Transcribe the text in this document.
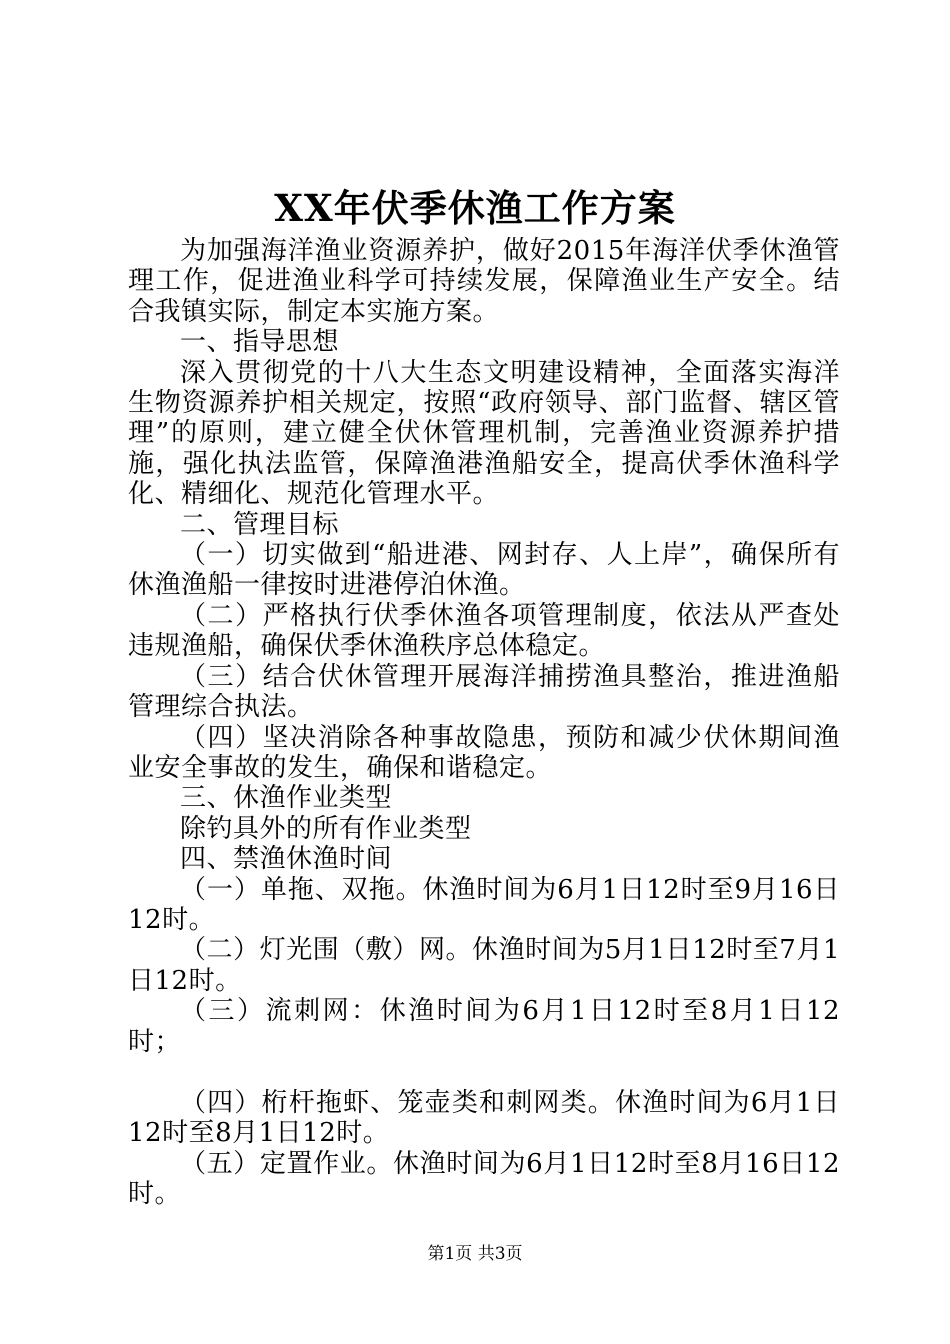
XX年伏季休渔工作方案

为加强海洋渔业资源养护，做好2015年海洋伏季休渔管理工作，促进渔业科学可持续发展，保障渔业生产安全。结合我镇实际，制定本实施方案。

一、指导思想

深入贯彻党的十八大生态文明建设精神，全面落实海洋生物资源养护相关规定，按照“政府领导、部门监督、辖区管理”的原则，建立健全伏休管理机制，完善渔业资源养护措施，强化执法监管，保障渔港渔船安全，提高伏季休渔科学化、精细化、规范化管理水平。

二、管理目标

（一）切实做到“船进港、网封存、人上岸”，确保所有休渔渔船一律按时进港停泊休渔。

（二）严格执行伏季休渔各项管理制度，依法从严查处违规渔船，确保伏季休渔秩序总体稳定。

（三）结合伏休管理开展海洋捕捞渔具整治，推进渔船管理综合执法。

（四）坚决消除各种事故隐患，预防和减少伏休期间渔业安全事故的发生，确保和谐稳定。

三、休渔作业类型

除钓具外的所有作业类型

四、禁渔休渔时间

（一）单拖、双拖。休渔时间为6月1日12时至9月16日12时。

（二）灯光围（敷）网。休渔时间为5月1日12时至7月1日12时。

（三）流刺网：休渔时间为6月1日12时至8月1日12时；

（四）桁杆拖虾、笼壶类和刺网类。休渔时间为6月1日12时至8月1日12时。

（五）定置作业。休渔时间为6月1日12时至8月16日12时。

第1页 共3页
